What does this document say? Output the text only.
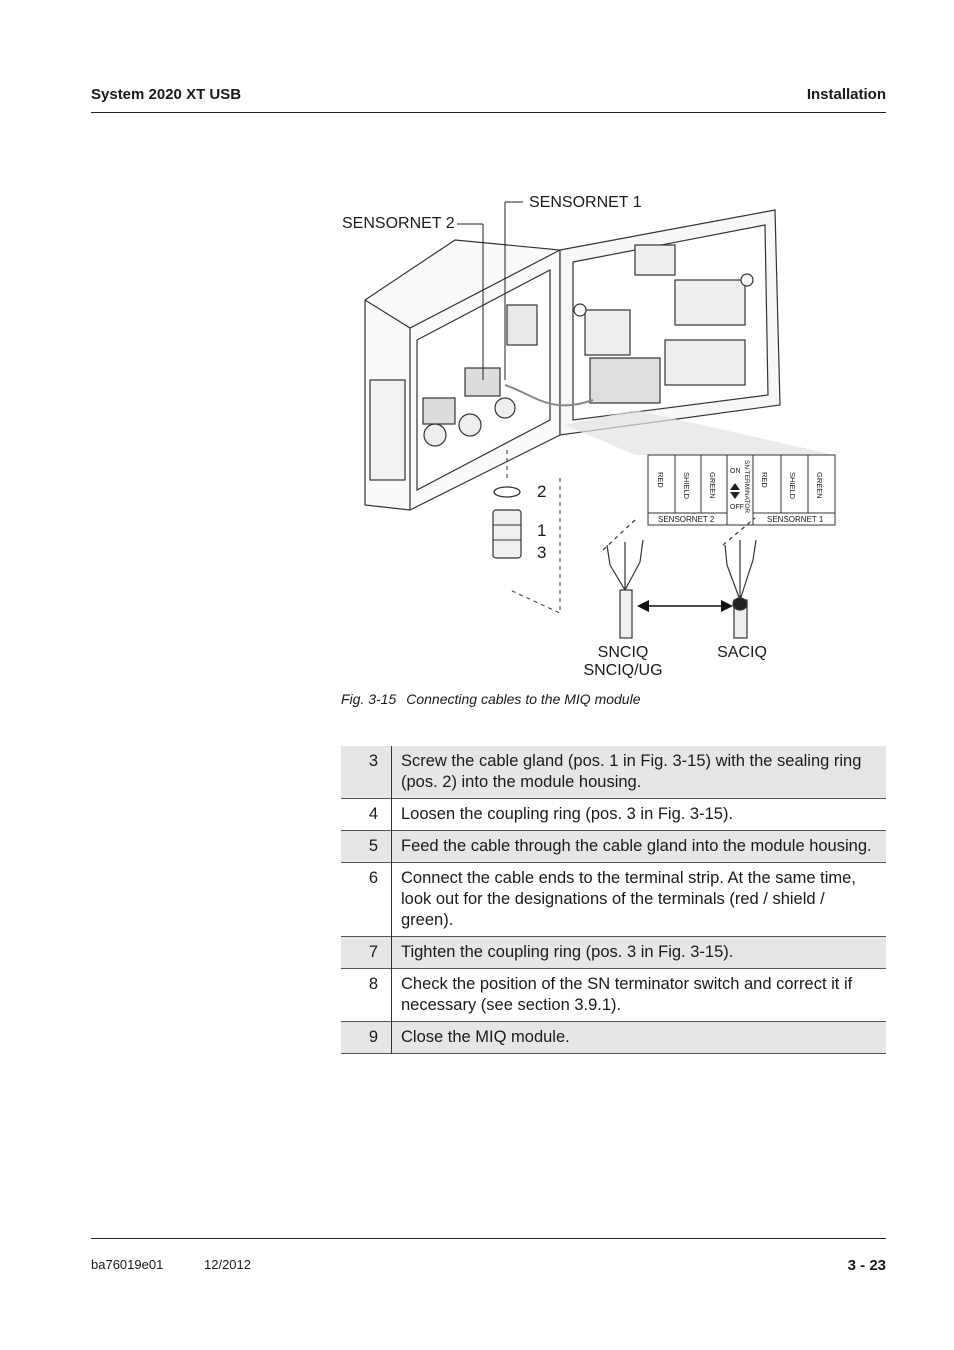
System 2020 XT USB	Installation
SENSORNET 1
SENSORNET 2
2
1
3
RED SHIELD GREEN
ON
OFF SN TERMINATOR RED	SHIELD GREEN
SENSORNET 2	SENSORNET 1
SNCIQ
SNCIQ/UG
SACIQ
Fig. 3-15 Connecting cables to the MIQ module
3	Screw the cable gland (pos. 1 in Fig. 3-15) with the sealing ring (pos. 2) into the module housing.
4	Loosen the coupling ring (pos. 3 in Fig. 3-15).
5	Feed the cable through the cable gland into the module housing.
6	Connect the cable ends to the terminal strip. At the same time, look out for the designations of the terminals (red / shield / green).
7	Tighten the coupling ring (pos. 3 in Fig. 3-15).
8	Check the position of the SN terminator switch and correct it if necessary (see section 3.9.1).
9	Close the MIQ module.
ba76019e01	12/2012	3 - 23
